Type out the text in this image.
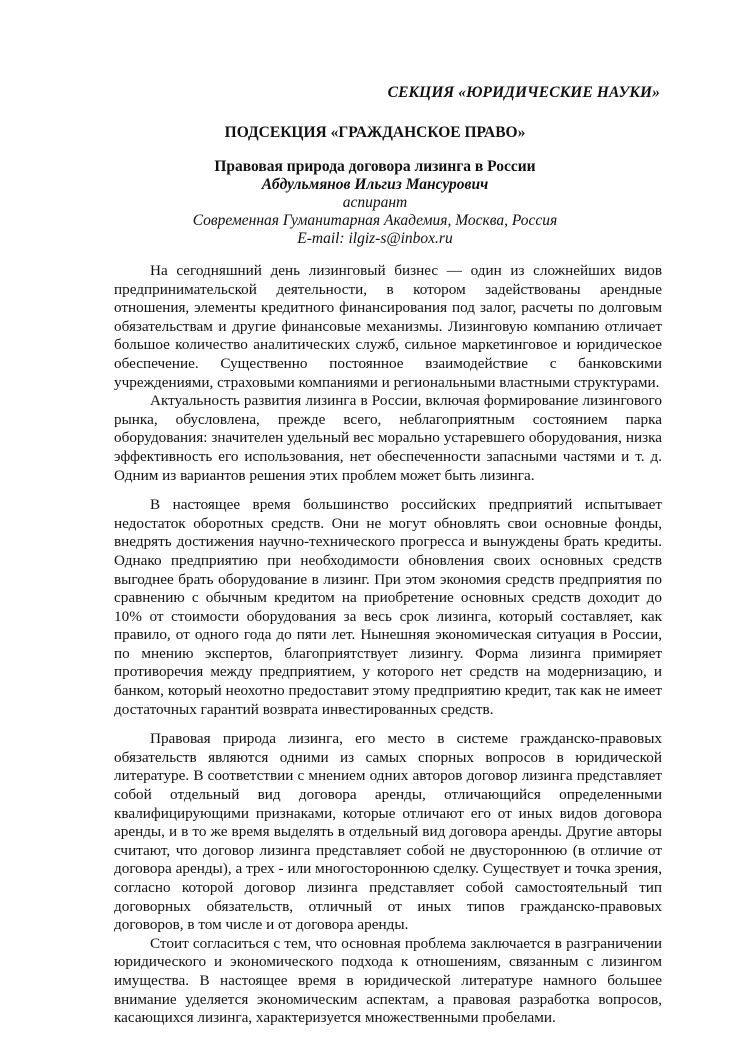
СЕКЦИЯ «ЮРИДИЧЕСКИЕ НАУКИ»
ПОДСЕКЦИЯ «ГРАЖДАНСКОЕ ПРАВО»
Правовая природа договора лизинга в России
Абдульмянов Ильгиз Мансурович
аспирант
Современная Гуманитарная Академия, Москва, Россия
E-mail: ilgiz-s@inbox.ru

На сегодняшний день лизинговый бизнес — один из сложнейших видов предпринимательской деятельности, в котором задействованы арендные отношения, элементы кредитного финансирования под залог, расчеты по долговым обязательствам и другие финансовые механизмы. Лизинговую компанию отличает большое количество аналитических служб, сильное маркетинговое и юридическое обеспечение. Существенно постоянное взаимодействие с банковскими учреждениями, страховыми компаниями и региональными властными структурами.

Актуальность развития лизинга в России, включая формирование лизингового рынка, обусловлена, прежде всего, неблагоприятным состоянием парка оборудования: значителен удельный вес морально устаревшего оборудования, низка эффективность его использования, нет обеспеченности запасными частями и т. д. Одним из вариантов решения этих проблем может быть лизинга.

В настоящее время большинство российских предприятий испытывает недостаток оборотных средств. Они не могут обновлять свои основные фонды, внедрять достижения научно-технического прогресса и вынуждены брать кредиты. Однако предприятию при необходимости обновления своих основных средств выгоднее брать оборудование в лизинг. При этом экономия средств предприятия по сравнению с обычным кредитом на приобретение основных средств доходит до 10% от стоимости оборудования за весь срок лизинга, который составляет, как правило, от одного года до пяти лет. Нынешняя экономическая ситуация в России, по мнению экспертов, благоприятствует лизингу. Форма лизинга примиряет противоречия между предприятием, у которого нет средств на модернизацию, и банком, который неохотно предоставит этому предприятию кредит, так как не имеет достаточных гарантий возврата инвестированных средств.

Правовая природа лизинга, его место в системе гражданско-правовых обязательств являются одними из самых спорных вопросов в юридической литературе. В соответствии с мнением одних авторов договор лизинга представляет собой отдельный вид договора аренды, отличающийся определенными квалифицирующими признаками, которые отличают его от иных видов договора аренды, и в то же время выделять в отдельный вид договора аренды. Другие авторы считают, что договор лизинга представляет собой не двустороннюю (в отличие от договора аренды), а трех - или многостороннюю сделку. Существует и точка зрения, согласно которой договор лизинга представляет собой самостоятельный тип договорных обязательств, отличный от иных типов гражданско-правовых договоров, в том числе и от договора аренды.

Стоит согласиться с тем, что основная проблема заключается в разграничении юридического и экономического подхода к отношениям, связанным с лизингом имущества. В настоящее время в юридической литературе намного большее внимание уделяется экономическим аспектам, а правовая разработка вопросов, касающихся лизинга, характеризуется множественными пробелами.
